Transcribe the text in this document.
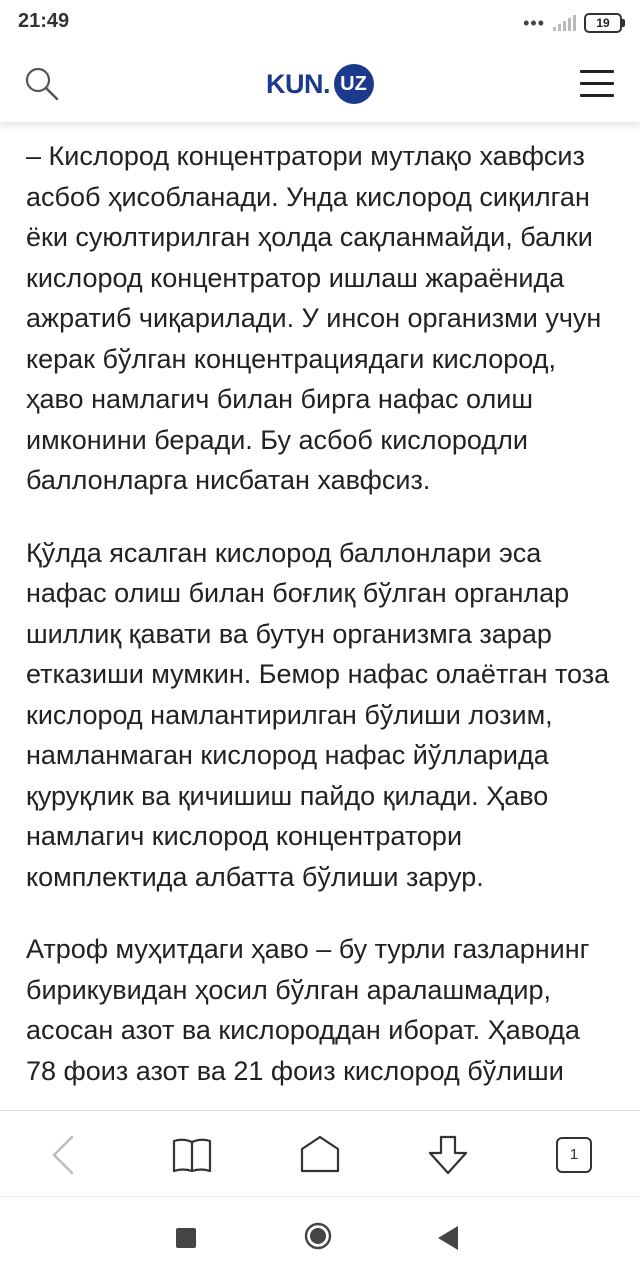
21:49	•••	19
KUN . UZ

– Кислород концентратори мутлақо хавфсиз асбоб ҳисобланади. Унда кислород сиқилган ёки суюлтирилган ҳолда сақланмайди, балки кислород концентратор ишлаш жараёнида ажратиб чиқарилади. У инсон организми учун керак бўлган концентрациядаги кислород, ҳаво намлагич билан бирга нафас олиш имконини беради. Бу асбоб кислородли баллонларга нисбатан хавфсиз.

Қўлда ясалган кислород баллонлари эса нафас олиш билан боғлиқ бўлган органлар шиллиқ қавати ва бутун организмга зарар етказиши мумкин. Бемор нафас олаётган тоза кислород намлантирилган бўлиши лозим, намланмаган кислород нафас йўлларида қуруқлик ва қичишиш пайдо қилади. Ҳаво намлагич кислород концентратори комплектида албатта бўлиши зарур.

Атроф муҳитдаги ҳаво – бу турли газларнинг бирикувидан ҳосил бўлган аралашмадир, асосан азот ва кислороддан иборат. Ҳавода 78 фоиз азот ва 21 фоиз кислород бўлиши

1
